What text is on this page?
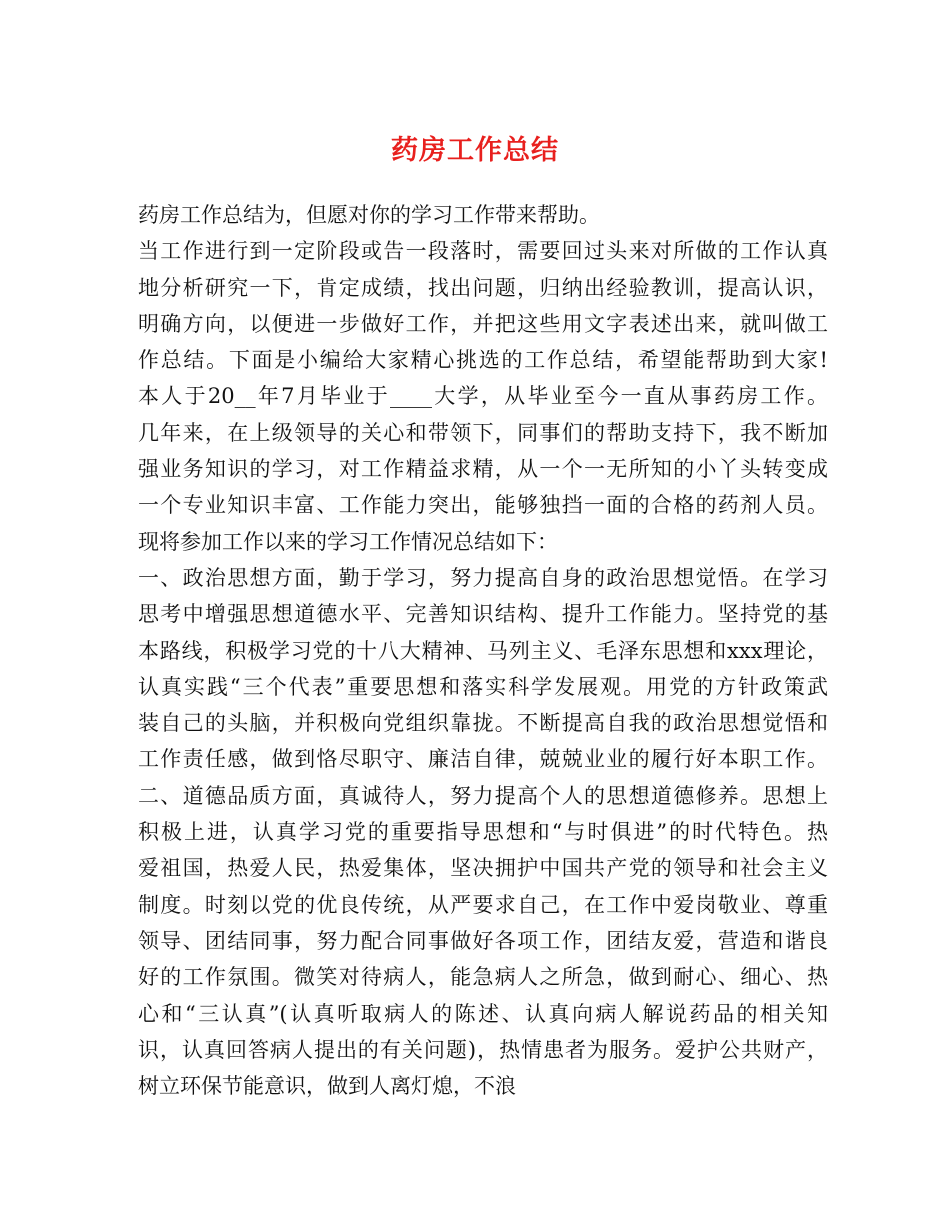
药房工作总结
药房工作总结为，但愿对你的学习工作带来帮助。
当工作进行到一定阶段或告一段落时，需要回过头来对所做的工作认真
地分析研究一下，肯定成绩，找出问题，归纳出经验教训，提高认识，
明确方向，以便进一步做好工作，并把这些用文字表述出来，就叫做工
作总结。下面是小编给大家精心挑选的工作总结，希望能帮助到大家!
本人于20__年7月毕业于____大学，从毕业至今一直从事药房工作。
几年来，在上级领导的关心和带领下，同事们的帮助支持下，我不断加
强业务知识的学习，对工作精益求精，从一个一无所知的小丫头转变成
一个专业知识丰富、工作能力突出，能够独挡一面的合格的药剂人员。
现将参加工作以来的学习工作情况总结如下：
一、政治思想方面，勤于学习，努力提高自身的政治思想觉悟。在学习
思考中增强思想道德水平、完善知识结构、提升工作能力。坚持党的基
本路线，积极学习党的十八大精神、马列主义、毛泽东思想和xxx理论，
认真实践“三个代表”重要思想和落实科学发展观。用党的方针政策武
装自己的头脑，并积极向党组织靠拢。不断提高自我的政治思想觉悟和
工作责任感，做到恪尽职守、廉洁自律，兢兢业业的履行好本职工作。
二、道德品质方面，真诚待人，努力提高个人的思想道德修养。思想上
积极上进，认真学习党的重要指导思想和“与时俱进”的时代特色。热
爱祖国，热爱人民，热爱集体，坚决拥护中国共产党的领导和社会主义
制度。时刻以党的优良传统，从严要求自己，在工作中爱岗敬业、尊重
领导、团结同事，努力配合同事做好各项工作，团结友爱，营造和谐良
好的工作氛围。微笑对待病人，能急病人之所急，做到耐心、细心、热
心和“三认真”(认真听取病人的陈述、认真向病人解说药品的相关知
识，认真回答病人提出的有关问题)，热情患者为服务。爱护公共财产，
树立环保节能意识，做到人离灯熄，不浪
